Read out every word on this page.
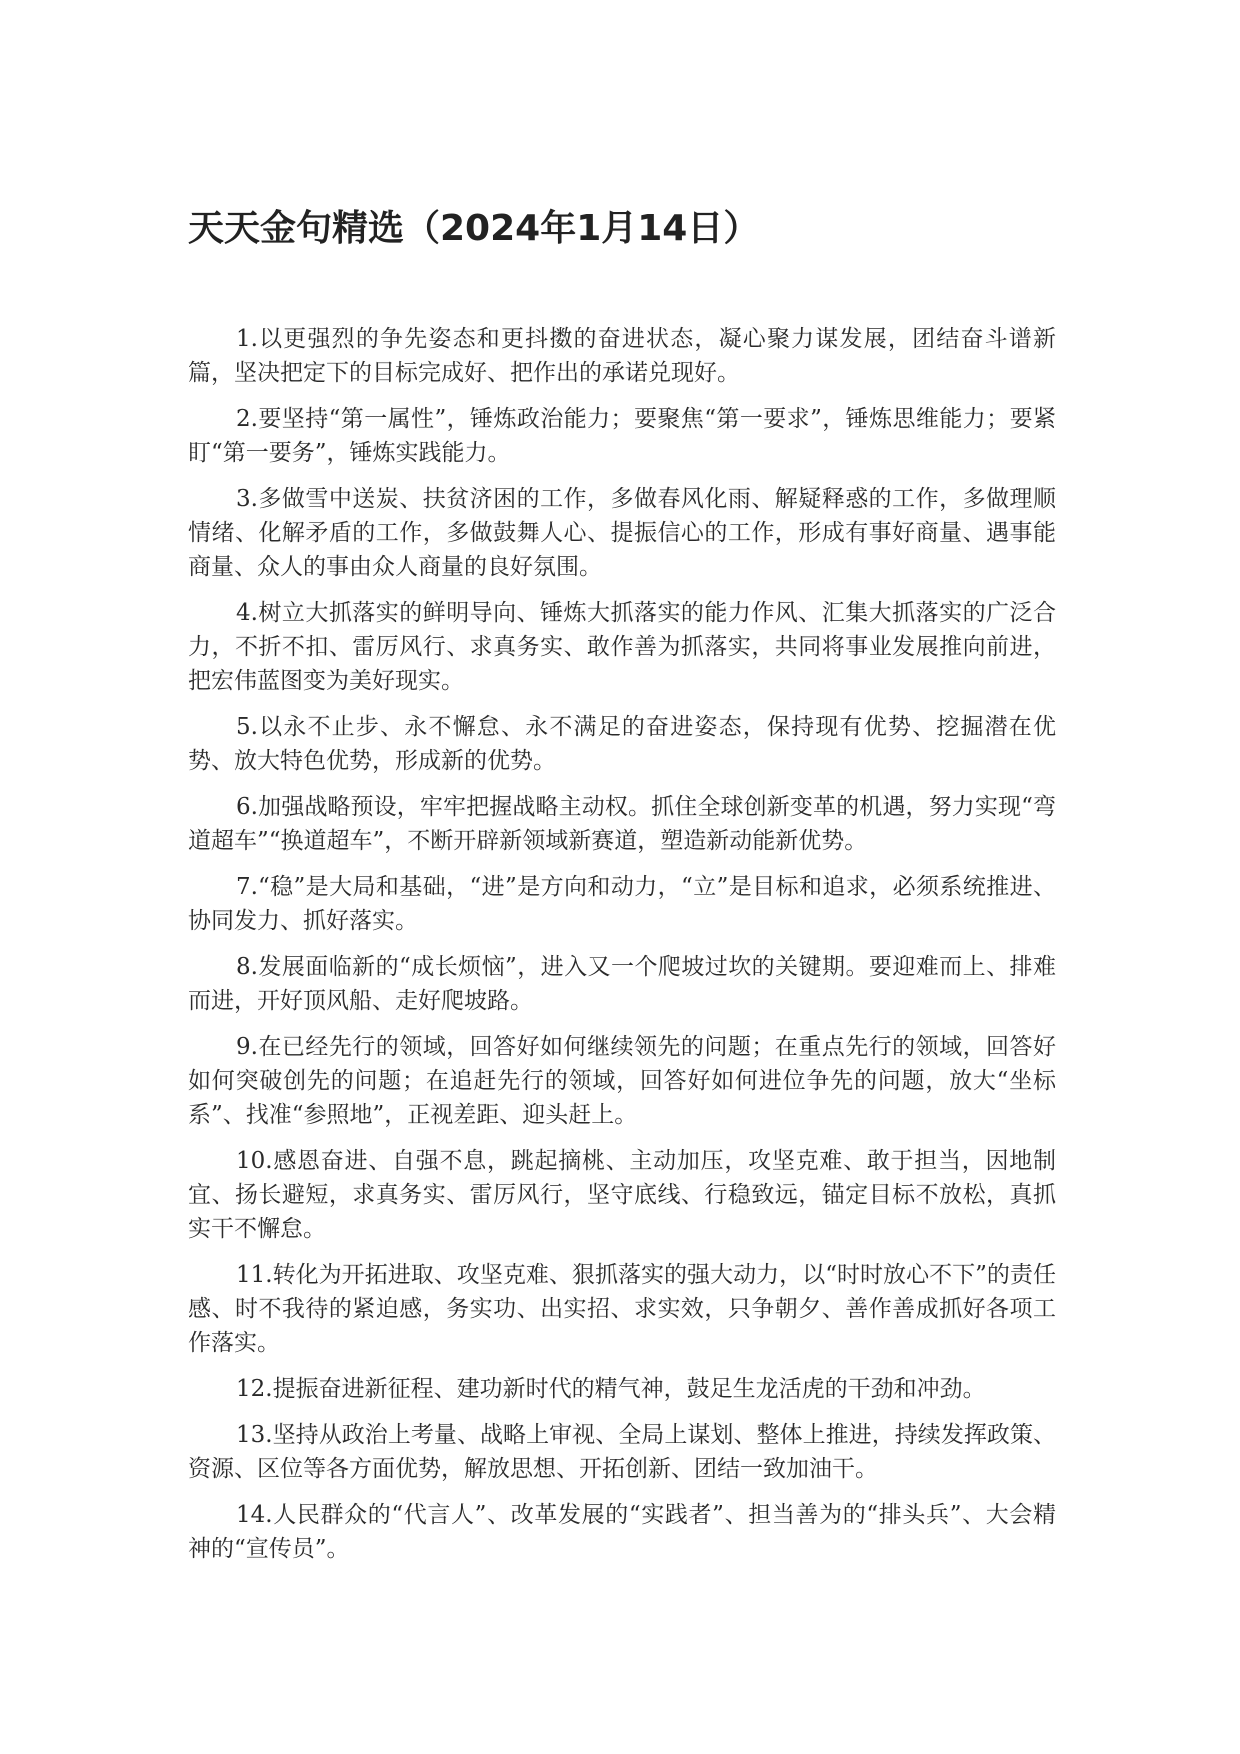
天天金句精选（2024年1月14日）

1.以更强烈的争先姿态和更抖擞的奋进状态，凝心聚力谋发展，团结奋斗谱新篇，坚决把定下的目标完成好、把作出的承诺兑现好。

2.要坚持“第一属性”，锤炼政治能力；要聚焦“第一要求”，锤炼思维能力；要紧盯“第一要务”，锤炼实践能力。

3.多做雪中送炭、扶贫济困的工作，多做春风化雨、解疑释惑的工作，多做理顺情绪、化解矛盾的工作，多做鼓舞人心、提振信心的工作，形成有事好商量、遇事能商量、众人的事由众人商量的良好氛围。

4.树立大抓落实的鲜明导向、锤炼大抓落实的能力作风、汇集大抓落实的广泛合力，不折不扣、雷厉风行、求真务实、敢作善为抓落实，共同将事业发展推向前进，把宏伟蓝图变为美好现实。

5.以永不止步、永不懈怠、永不满足的奋进姿态，保持现有优势、挖掘潜在优势、放大特色优势，形成新的优势。

6.加强战略预设，牢牢把握战略主动权。抓住全球创新变革的机遇，努力实现“弯道超车”“换道超车”，不断开辟新领域新赛道，塑造新动能新优势。

7.“稳”是大局和基础，“进”是方向和动力，“立”是目标和追求，必须系统推进、协同发力、抓好落实。

8.发展面临新的“成长烦恼”，进入又一个爬坡过坎的关键期。要迎难而上、排难而进，开好顶风船、走好爬坡路。

9.在已经先行的领域，回答好如何继续领先的问题；在重点先行的领域，回答好如何突破创先的问题；在追赶先行的领域，回答好如何进位争先的问题，放大“坐标系”、找准“参照地”，正视差距、迎头赶上。

10.感恩奋进、自强不息，跳起摘桃、主动加压，攻坚克难、敢于担当，因地制宜、扬长避短，求真务实、雷厉风行，坚守底线、行稳致远，锚定目标不放松，真抓实干不懈怠。

11.转化为开拓进取、攻坚克难、狠抓落实的强大动力，以“时时放心不下”的责任感、时不我待的紧迫感，务实功、出实招、求实效，只争朝夕、善作善成抓好各项工作落实。

12.提振奋进新征程、建功新时代的精气神，鼓足生龙活虎的干劲和冲劲。

13.坚持从政治上考量、战略上审视、全局上谋划、整体上推进，持续发挥政策、资源、区位等各方面优势，解放思想、开拓创新、团结一致加油干。

14.人民群众的“代言人”、改革发展的“实践者”、担当善为的“排头兵”、大会精神的“宣传员”。
